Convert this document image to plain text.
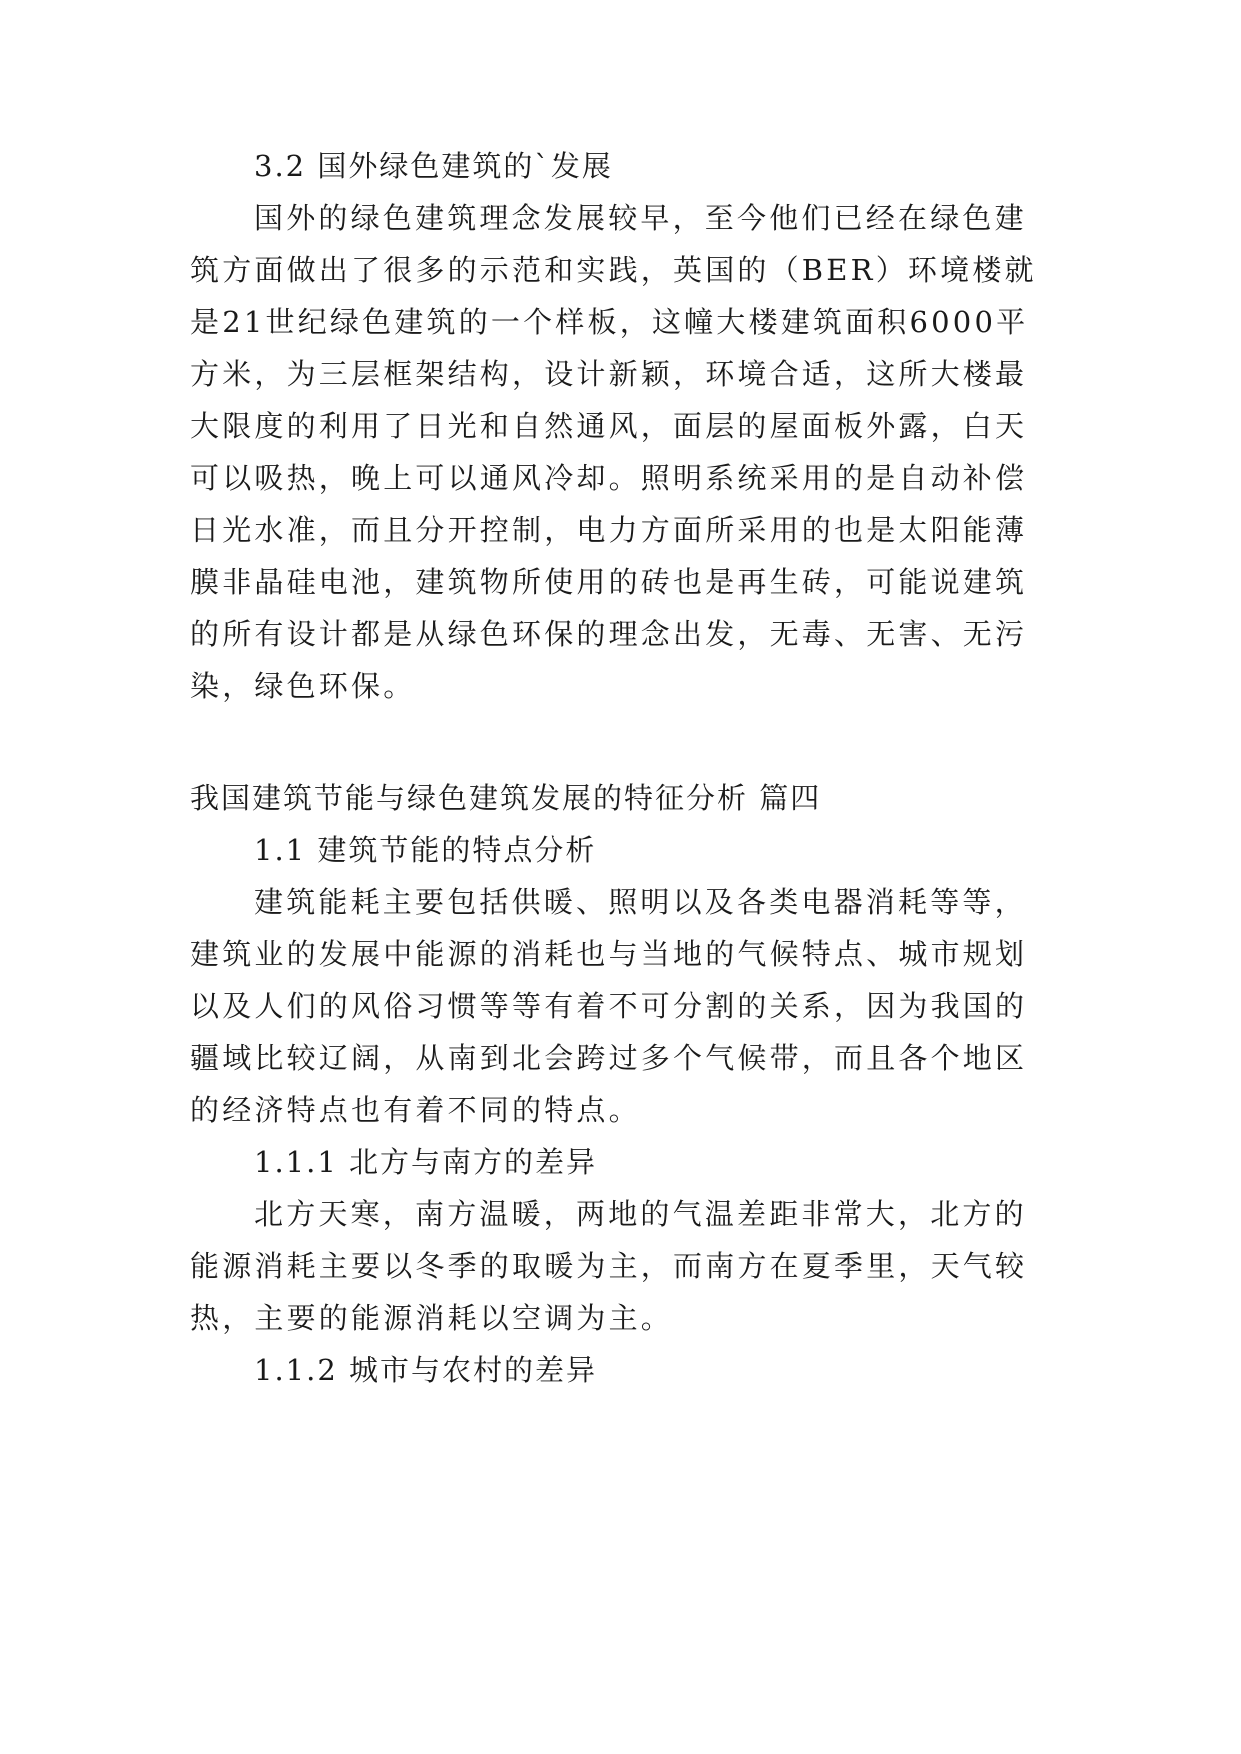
3.2 国外绿色建筑的`发展

国外的绿色建筑理念发展较早，至今他们已经在绿色建

筑方面做出了很多的示范和实践，英国的（BER）环境楼就

是21世纪绿色建筑的一个样板，这幢大楼建筑面积6000平

方米，为三层框架结构，设计新颖，环境合适，这所大楼最

大限度的利用了日光和自然通风，面层的屋面板外露，白天

可以吸热，晚上可以通风冷却。照明系统采用的是自动补偿

日光水准，而且分开控制，电力方面所采用的也是太阳能薄

膜非晶硅电池，建筑物所使用的砖也是再生砖，可能说建筑

的所有设计都是从绿色环保的理念出发，无毒、无害、无污

染，绿色环保。

我国建筑节能与绿色建筑发展的特征分析 篇四

1.1 建筑节能的特点分析

建筑能耗主要包括供暖、照明以及各类电器消耗等等，

建筑业的发展中能源的消耗也与当地的气候特点、城市规划

以及人们的风俗习惯等等有着不可分割的关系，因为我国的

疆域比较辽阔，从南到北会跨过多个气候带，而且各个地区

的经济特点也有着不同的特点。

1.1.1 北方与南方的差异

北方天寒，南方温暖，两地的气温差距非常大，北方的

能源消耗主要以冬季的取暖为主，而南方在夏季里，天气较

热，主要的能源消耗以空调为主。

1.1.2 城市与农村的差异
